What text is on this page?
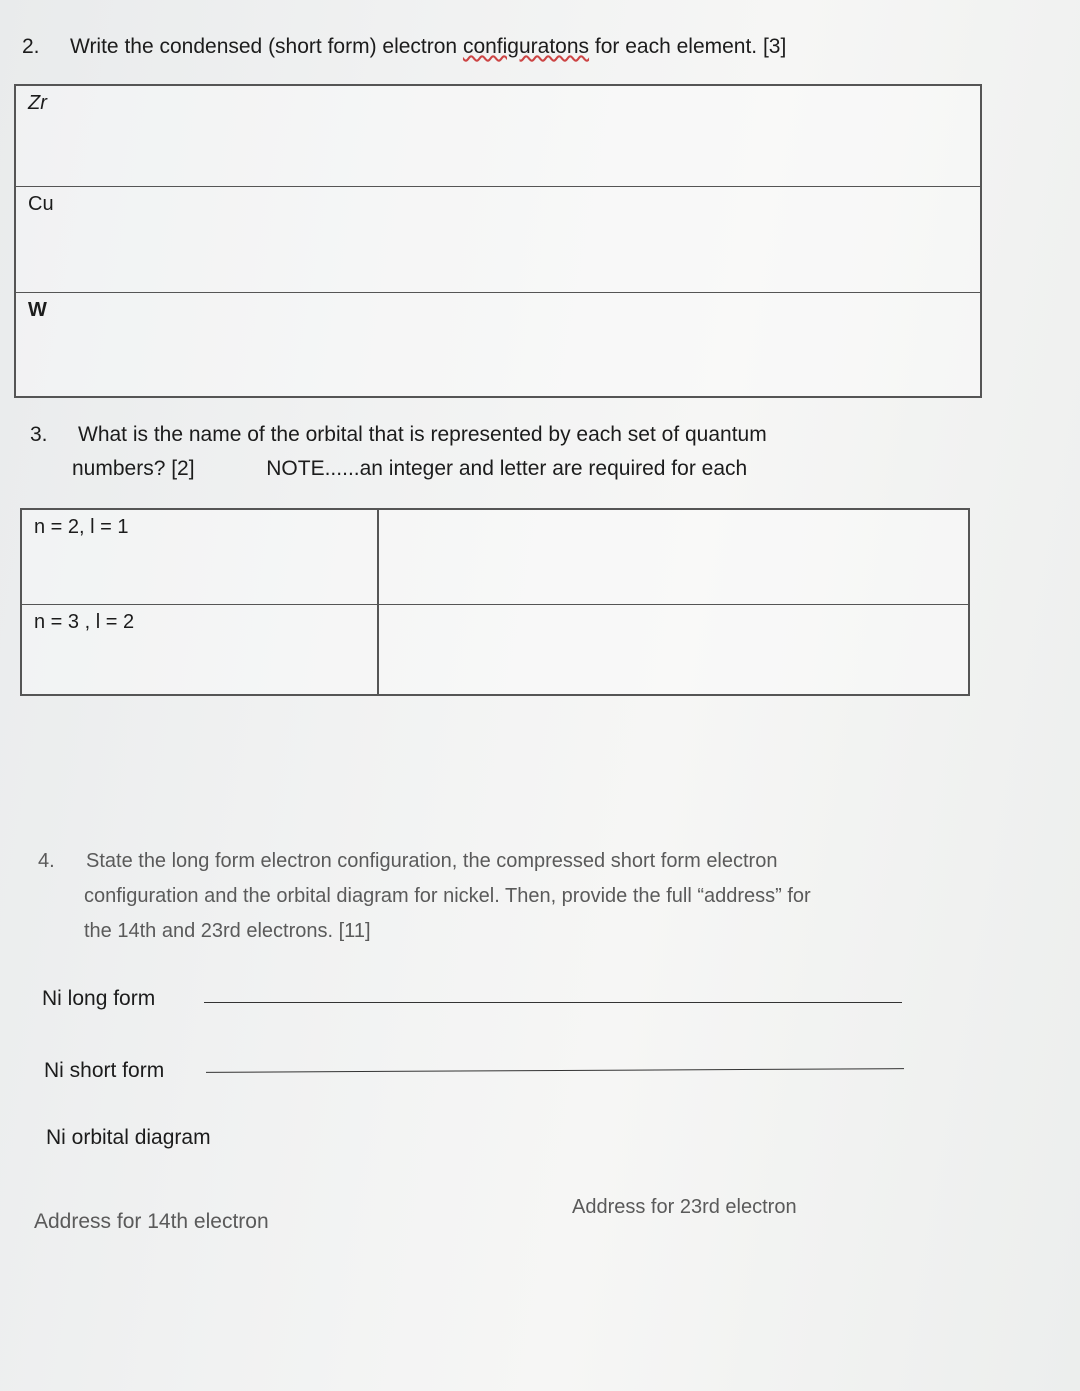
2. Write the condensed (short form) electron configuratons for each element. [3]
Zr
Cu
W
3. What is the name of the orbital that is represented by each set of quantum
numbers? [2]	NOTE......an integer and letter are required for each
n = 2, l = 1
n = 3 , l = 2
4. State the long form electron configuration, the compressed short form electron
configuration and the orbital diagram for nickel. Then, provide the full “address” for
the 14th and 23rd electrons. [11]
Ni long form
Ni short form
Ni orbital diagram
Address for 14th electron
Address for 23rd electron
